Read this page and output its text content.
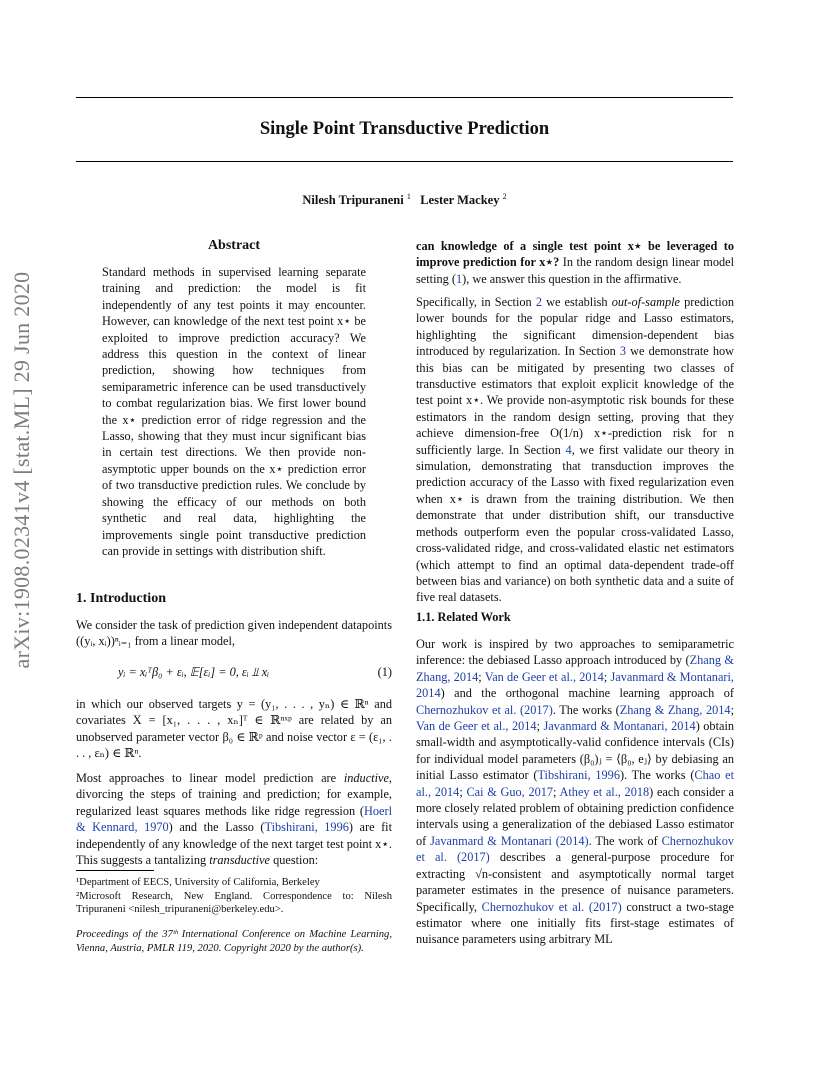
arXiv:1908.02341v4 [stat.ML] 29 Jun 2020
Single Point Transductive Prediction
Nilesh Tripuraneni $^1$ Lester Mackey $^2$
Abstract
Standard methods in supervised learning separate training and prediction: the model is fit independently of any test points it may encounter. However, can knowledge of the next test point x⋆ be exploited to improve prediction accuracy? We address this question in the context of linear prediction, showing how techniques from semiparametric inference can be used transductively to combat regularization bias. We first lower bound the x⋆ prediction error of ridge regression and the Lasso, showing that they must incur significant bias in certain test directions. We then provide non-asymptotic upper bounds on the x⋆ prediction error of two transductive prediction rules. We conclude by showing the efficacy of our methods on both synthetic and real data, highlighting the improvements single point transductive prediction can provide in settings with distribution shift.
1. Introduction

We consider the task of prediction given independent datapoints ((yᵢ, xᵢ))ⁿᵢ₌₁ from a linear model,

yᵢ = xᵢᵀβ₀ + εᵢ, 𝔼[εᵢ] = 0, εᵢ ⫫ xᵢ	(1)

in which our observed targets y = (y₁, . . . , yₙ) ∈ ℝⁿ and covariates X = [x₁, . . . , xₙ]ᵀ ∈ ℝⁿˣᵖ are related by an unobserved parameter vector β₀ ∈ ℝᵖ and noise vector ε = (ε₁, . . . , εₙ) ∈ ℝⁿ.

Most approaches to linear model prediction are inductive, divorcing the steps of training and prediction; for example, regularized least squares methods like ridge regression (Hoerl & Kennard, 1970) and the Lasso (Tibshirani, 1996) are fit independently of any knowledge of the next target test point x⋆. This suggests a tantalizing transductive question:

¹Department of EECS, University of California, Berkeley
²Microsoft Research, New England. Correspondence to: Nilesh Tripuraneni <nilesh_tripuraneni@berkeley.edu>.
Proceedings of the 37ᵗʰ International Conference on Machine Learning, Vienna, Austria, PMLR 119, 2020. Copyright 2020 by the author(s).

can knowledge of a single test point x⋆ be leveraged to improve prediction for x⋆? In the random design linear model setting (1), we answer this question in the affirmative.

Specifically, in Section 2 we establish out-of-sample prediction lower bounds for the popular ridge and Lasso estimators, highlighting the significant dimension-dependent bias introduced by regularization. In Section 3 we demonstrate how this bias can be mitigated by presenting two classes of transductive estimators that exploit explicit knowledge of the test point x⋆. We provide non-asymptotic risk bounds for these estimators in the random design setting, proving that they achieve dimension-free O(1/n) x⋆-prediction risk for n sufficiently large. In Section 4, we first validate our theory in simulation, demonstrating that transduction improves the prediction accuracy of the Lasso with fixed regularization even when x⋆ is drawn from the training distribution. We then demonstrate that under distribution shift, our transductive methods outperform even the popular cross-validated Lasso, cross-validated ridge, and cross-validated elastic net estimators (which attempt to find an optimal data-dependent trade-off between bias and variance) on both synthetic data and a suite of five real datasets.

1.1. Related Work

Our work is inspired by two approaches to semiparametric inference: the debiased Lasso approach introduced by (Zhang & Zhang, 2014; Van de Geer et al., 2014; Javanmard & Montanari, 2014) and the orthogonal machine learning approach of Chernozhukov et al. (2017). The works (Zhang & Zhang, 2014; Van de Geer et al., 2014; Javanmard & Montanari, 2014) obtain small-width and asymptotically-valid confidence intervals (CIs) for individual model parameters (β₀)ⱼ = ⟨β₀, eⱼ⟩ by debiasing an initial Lasso estimator (Tibshirani, 1996). The works (Chao et al., 2014; Cai & Guo, 2017; Athey et al., 2018) each consider a more closely related problem of obtaining prediction confidence intervals using a generalization of the debiased Lasso estimator of Javanmard & Montanari (2014). The work of Chernozhukov et al. (2017) describes a general-purpose procedure for extracting √n-consistent and asymptotically normal target parameter estimates in the presence of nuisance parameters. Specifically, Chernozhukov et al. (2017) construct a two-stage estimator where one initially fits first-stage estimates of nuisance parameters using arbitrary ML
